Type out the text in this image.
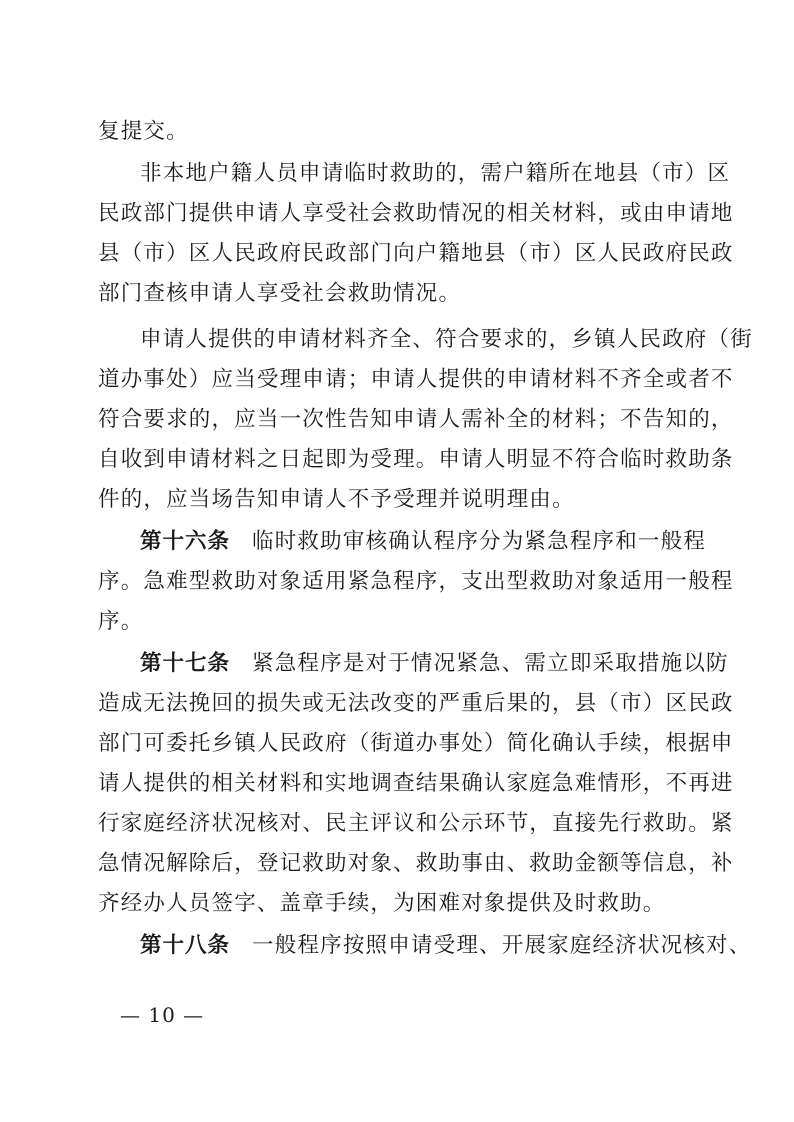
复提交。
非本地户籍人员申请临时救助的，需户籍所在地县（市）区
民政部门提供申请人享受社会救助情况的相关材料，或由申请地
县（市）区人民政府民政部门向户籍地县（市）区人民政府民政
部门查核申请人享受社会救助情况。
申请人提供的申请材料齐全、符合要求的，乡镇人民政府（街
道办事处）应当受理申请；申请人提供的申请材料不齐全或者不
符合要求的，应当一次性告知申请人需补全的材料；不告知的，
自收到申请材料之日起即为受理。申请人明显不符合临时救助条
件的，应当场告知申请人不予受理并说明理由。
第十六条 临时救助审核确认程序分为紧急程序和一般程
序。急难型救助对象适用紧急程序，支出型救助对象适用一般程
序。
第十七条 紧急程序是对于情况紧急、需立即采取措施以防
造成无法挽回的损失或无法改变的严重后果的，县（市）区民政
部门可委托乡镇人民政府（街道办事处）简化确认手续，根据申
请人提供的相关材料和实地调查结果确认家庭急难情形，不再进
行家庭经济状况核对、民主评议和公示环节，直接先行救助。紧
急情况解除后，登记救助对象、救助事由、救助金额等信息，补
齐经办人员签字、盖章手续，为困难对象提供及时救助。
第十八条 一般程序按照申请受理、开展家庭经济状况核对、
— 10 —
